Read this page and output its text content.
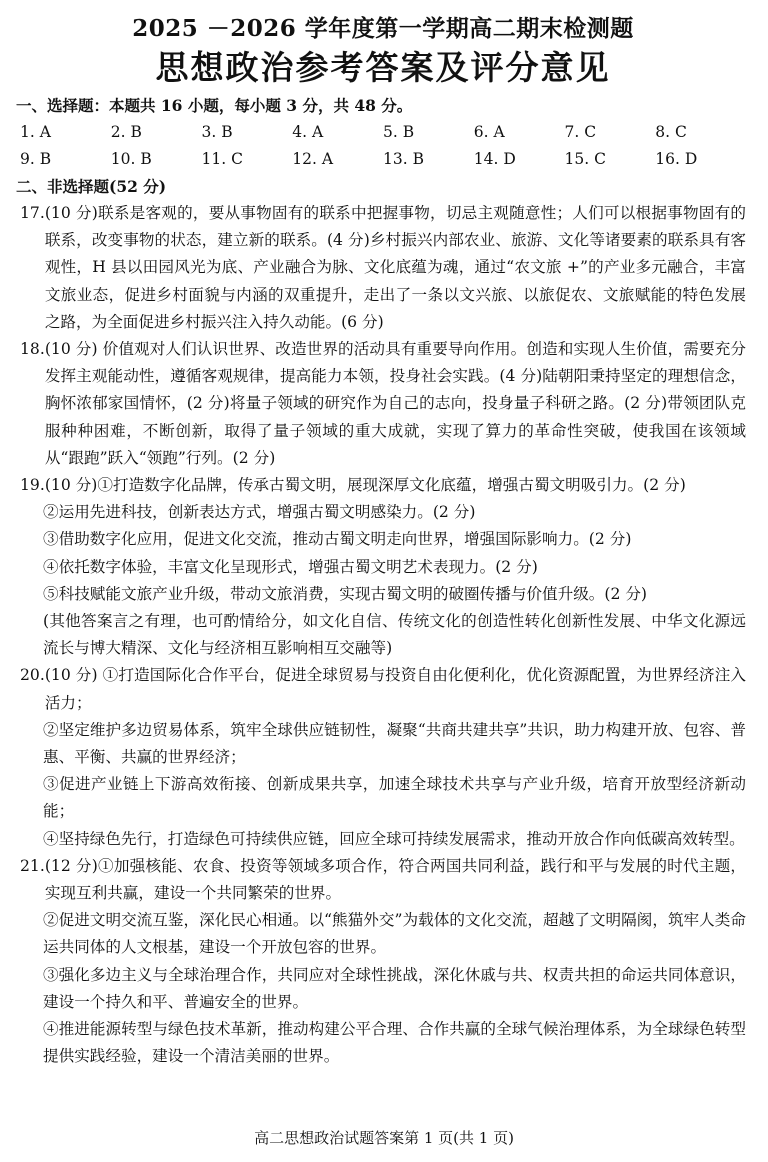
2025 －2026 学年度第一学期高二期末检测题
思想政治参考答案及评分意见
一、选择题：本题共 16 小题，每小题 3 分，共 48 分。
1. A	2. B	3. B	4. A	5. B	6. A	7. C	8. C
9. B	10. B	11. C	12. A	13. B	14. D	15. C	16. D
二、非选择题(52 分)
17. (10 分)联系是客观的，要从事物固有的联系中把握事物，切忌主观随意性；人们可以根据事物固有的联系，改变事物的状态，建立新的联系。(4 分)乡村振兴内部农业、旅游、文化等诸要素的联系具有客观性，H 县以田园风光为底、产业融合为脉、文化底蕴为魂，通过“农文旅 +”的产业多元融合，丰富文旅业态，促进乡村面貌与内涵的双重提升，走出了一条以文兴旅、以旅促农、文旅赋能的特色发展之路，为全面促进乡村振兴注入持久动能。(6 分)

18. (10 分) 价值观对人们认识世界、改造世界的活动具有重要导向作用。创造和实现人生价值，需要充分发挥主观能动性，遵循客观规律，提高能力本领，投身社会实践。(4 分)陆朝阳秉持坚定的理想信念，胸怀浓郁家国情怀，(2 分)将量子领域的研究作为自己的志向，投身量子科研之路。(2 分)带领团队克服种种困难，不断创新，取得了量子领域的重大成就，实现了算力的革命性突破，使我国在该领域从“跟跑”跃入“领跑”行列。(2 分)

19. (10 分)①打造数字化品牌，传承古蜀文明，展现深厚文化底蕴，增强古蜀文明吸引力。(2 分)

②运用先进科技，创新表达方式，增强古蜀文明感染力。(2 分)

③借助数字化应用，促进文化交流，推动古蜀文明走向世界，增强国际影响力。(2 分)

④依托数字体验，丰富文化呈现形式，增强古蜀文明艺术表现力。(2 分)

⑤科技赋能文旅产业升级，带动文旅消费，实现古蜀文明的破圈传播与价值升级。(2 分)

(其他答案言之有理，也可酌情给分，如文化自信、传统文化的创造性转化创新性发展、中华文化源远流长与博大精深、文化与经济相互影响相互交融等)

20. (10 分) ①打造国际化合作平台，促进全球贸易与投资自由化便利化，优化资源配置，为世界经济注入活力；

②坚定维护多边贸易体系，筑牢全球供应链韧性，凝聚“共商共建共享”共识，助力构建开放、包容、普惠、平衡、共赢的世界经济；

③促进产业链上下游高效衔接、创新成果共享，加速全球技术共享与产业升级，培育开放型经济新动能；

④坚持绿色先行，打造绿色可持续供应链，回应全球可持续发展需求，推动开放合作向低碳高效转型。

21. (12 分)①加强核能、农食、投资等领域多项合作，符合两国共同利益，践行和平与发展的时代主题，实现互利共赢，建设一个共同繁荣的世界。

②促进文明交流互鉴，深化民心相通。以“熊猫外交”为载体的文化交流，超越了文明隔阂，筑牢人类命运共同体的人文根基，建设一个开放包容的世界。

③强化多边主义与全球治理合作，共同应对全球性挑战，深化休戚与共、权责共担的命运共同体意识，建设一个持久和平、普遍安全的世界。

④推进能源转型与绿色技术革新，推动构建公平合理、合作共赢的全球气候治理体系，为全球绿色转型提供实践经验，建设一个清洁美丽的世界。

高二思想政治试题答案第 1 页(共 1 页)
